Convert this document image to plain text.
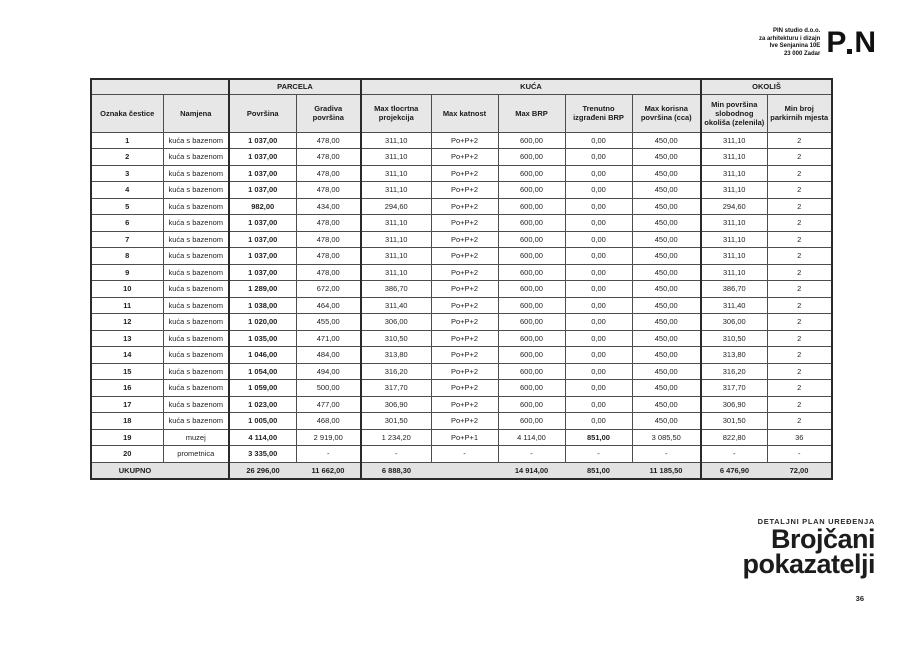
PIN studio d.o.o.
za arhitekturu i dizajn
Ive Senjanina 10E
23 000 Zadar P N
		PARCELA		KUĆA					OKOLIŠ	
Oznaka čestice	Namjena	Površina	Gradiva površina	Max tlocrtna projekcija	Max katnost	Max BRP	Trenutno izgrađeni BRP	Max korisna površina (cca)	Min površina slobodnog okoliša (zelenila)	Min broj parkirnih mjesta
1	kuća s bazenom	1 037,00	478,00	311,10	Po+P+2	600,00	0,00	450,00	311,10	2
2	kuća s bazenom	1 037,00	478,00	311,10	Po+P+2	600,00	0,00	450,00	311,10	2
3	kuća s bazenom	1 037,00	478,00	311,10	Po+P+2	600,00	0,00	450,00	311,10	2
4	kuća s bazenom	1 037,00	478,00	311,10	Po+P+2	600,00	0,00	450,00	311,10	2
5	kuća s bazenom	982,00	434,00	294,60	Po+P+2	600,00	0,00	450,00	294,60	2
6	kuća s bazenom	1 037,00	478,00	311,10	Po+P+2	600,00	0,00	450,00	311,10	2
7	kuća s bazenom	1 037,00	478,00	311,10	Po+P+2	600,00	0,00	450,00	311,10	2
8	kuća s bazenom	1 037,00	478,00	311,10	Po+P+2	600,00	0,00	450,00	311,10	2
9	kuća s bazenom	1 037,00	478,00	311,10	Po+P+2	600,00	0,00	450,00	311,10	2
10	kuća s bazenom	1 289,00	672,00	386,70	Po+P+2	600,00	0,00	450,00	386,70	2
11	kuća s bazenom	1 038,00	464,00	311,40	Po+P+2	600,00	0,00	450,00	311,40	2
12	kuća s bazenom	1 020,00	455,00	306,00	Po+P+2	600,00	0,00	450,00	306,00	2
13	kuća s bazenom	1 035,00	471,00	310,50	Po+P+2	600,00	0,00	450,00	310,50	2
14	kuća s bazenom	1 046,00	484,00	313,80	Po+P+2	600,00	0,00	450,00	313,80	2
15	kuća s bazenom	1 054,00	494,00	316,20	Po+P+2	600,00	0,00	450,00	316,20	2
16	kuća s bazenom	1 059,00	500,00	317,70	Po+P+2	600,00	0,00	450,00	317,70	2
17	kuća s bazenom	1 023,00	477,00	306,90	Po+P+2	600,00	0,00	450,00	306,90	2
18	kuća s bazenom	1 005,00	468,00	301,50	Po+P+2	600,00	0,00	450,00	301,50	2
19	muzej	4 114,00	2 919,00	1 234,20	Po+P+1	4 114,00	851,00	3 085,50	822,80	36
20	prometnica	3 335,00	-	-	-	-	-	-	-	-
UKUPNO		26 296,00	11 662,00	6 888,30		14 914,00	851,00	11 185,50	6 476,90	72,00
DETALJNI PLAN UREĐENJA
Brojčani
pokazatelji
36
